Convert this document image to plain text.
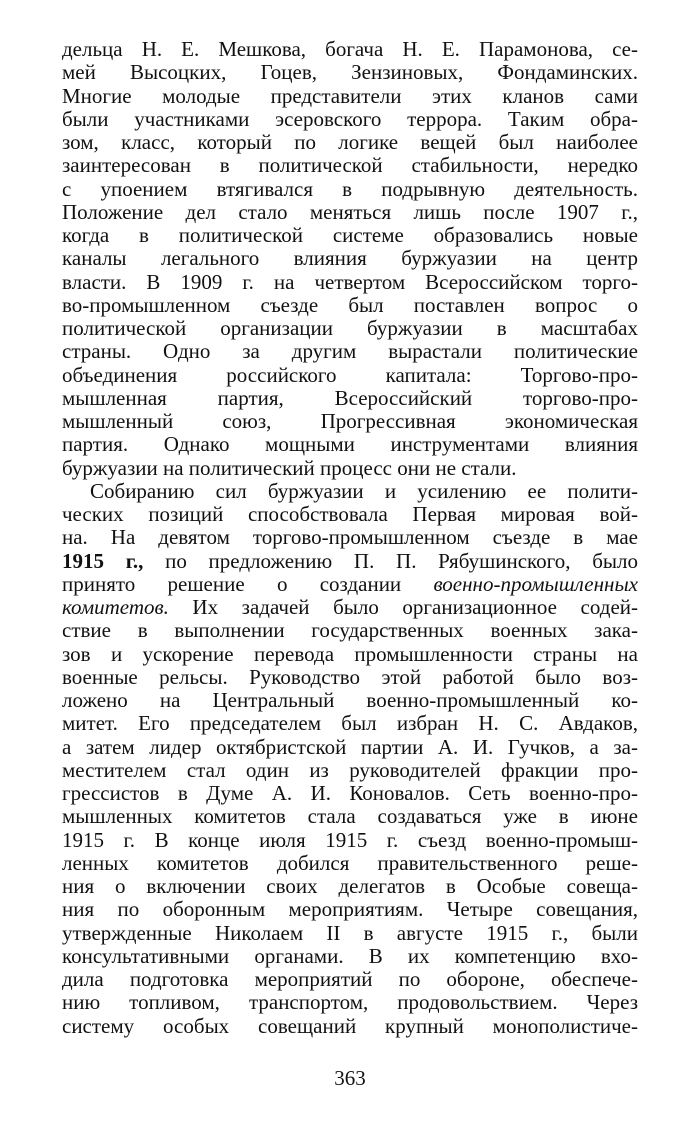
дельца Н. Е. Мешкова, богача Н. Е. Парамонова, се-
мей Высоцких, Гоцев, Зензиновых, Фондаминских.
Многие молодые представители этих кланов сами
были участниками эсеровского террора. Таким обра-
зом, класс, который по логике вещей был наиболее
заинтересован в политической стабильности, нередко
с упоением втягивался в подрывную деятельность.
Положение дел стало меняться лишь после 1907 г.,
когда в политической системе образовались новые
каналы легального влияния буржуазии на центр
власти. В 1909 г. на четвертом Всероссийском торго-
во-промышленном съезде был поставлен вопрос о
политической организации буржуазии в масштабах
страны. Одно за другим вырастали политические
объединения российского капитала: Торгово-про-
мышленная партия, Всероссийский торгово-про-
мышленный союз, Прогрессивная экономическая
партия. Однако мощными инструментами влияния
буржуазии на политический процесс они не стали.
Собиранию сил буржуазии и усилению ее полити-
ческих позиций способствовала Первая мировая вой-
на. На девятом торгово-промышленном съезде в мае
1915 г., по предложению П. П. Рябушинского, было
принято решение о создании военно-промышленных
комитетов. Их задачей было организационное содей-
ствие в выполнении государственных военных зака-
зов и ускорение перевода промышленности страны на
военные рельсы. Руководство этой работой было воз-
ложено на Центральный военно-промышленный ко-
митет. Его председателем был избран Н. С. Авдаков,
а затем лидер октябристской партии А. И. Гучков, а за-
местителем стал один из руководителей фракции про-
грессистов в Думе А. И. Коновалов. Сеть военно-про-
мышленных комитетов стала создаваться уже в июне
1915 г. В конце июля 1915 г. съезд военно-промыш-
ленных комитетов добился правительственного реше-
ния о включении своих делегатов в Особые совеща-
ния по оборонным мероприятиям. Четыре совещания,
утвержденные Николаем II в августе 1915 г., были
консультативными органами. В их компетенцию вхо-
дила подготовка мероприятий по обороне, обеспече-
нию топливом, транспортом, продовольствием. Через
систему особых совещаний крупный монополистиче-
363
